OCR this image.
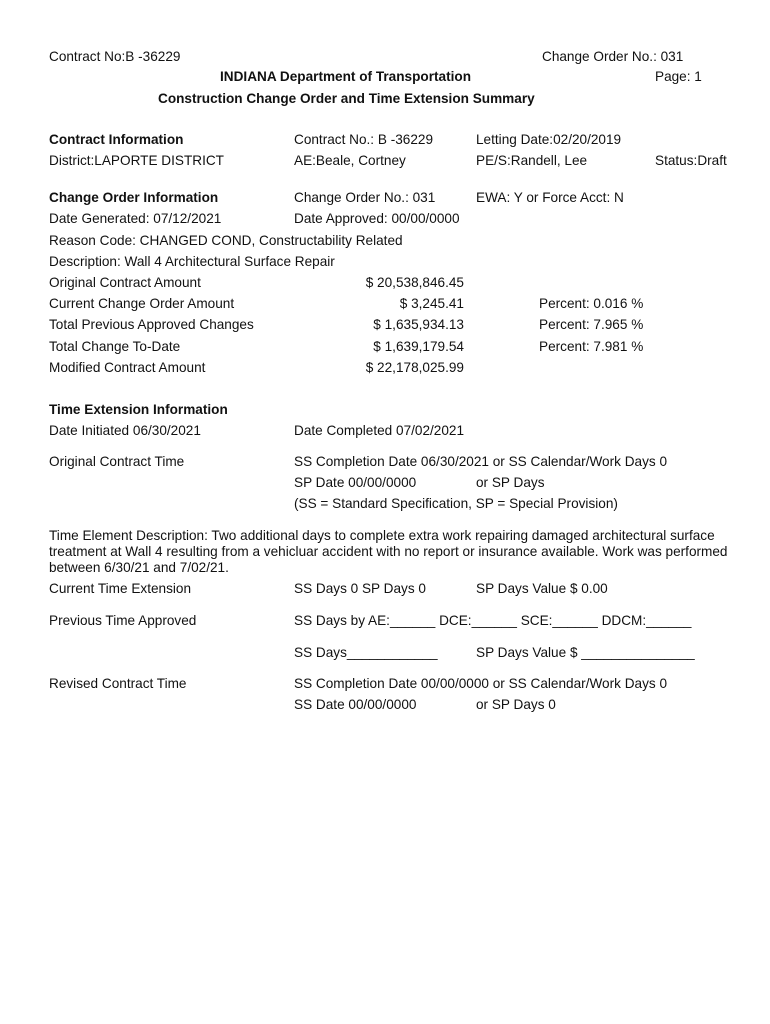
Contract No:B -36229	Change Order No.: 031
INDIANA Department of Transportation	Page: 1
Construction Change Order and Time Extension Summary
Contract Information	Contract No.: B -36229	Letting Date:02/20/2019
District:LAPORTE DISTRICT	AE:Beale, Cortney	PE/S:Randell, Lee	Status:Draft
Change Order Information	Change Order No.: 031	EWA: Y or Force Acct: N
Date Generated: 07/12/2021	Date Approved: 00/00/0000
Reason Code: CHANGED COND, Constructability Related
Description: Wall 4 Architectural Surface Repair
Original Contract Amount	$ 20,538,846.45
Current Change Order Amount	$ 3,245.41	Percent: 0.016 %
Total Previous Approved Changes	$ 1,635,934.13	Percent: 7.965 %
Total Change To-Date	$ 1,639,179.54	Percent: 7.981 %
Modified Contract Amount	$ 22,178,025.99
Time Extension Information
Date Initiated 06/30/2021	Date Completed 07/02/2021
Original Contract Time	SS Completion Date 06/30/2021 or SS Calendar/Work Days 0
SP Date 00/00/0000	or SP Days
(SS = Standard Specification, SP = Special Provision)
Time Element Description: Two additional days to complete extra work repairing damaged architectural surface treatment at Wall 4 resulting from a vehicluar accident with no report or insurance available. Work was performed between 6/30/21 and 7/02/21.
Current Time Extension	SS Days 0 SP Days 0	SP Days Value $ 0.00
Previous Time Approved	SS Days by AE:______ DCE:______ SCE:______ DDCM:______
SS Days____________	SP Days Value $ _______________
Revised Contract Time	SS Completion Date 00/00/0000 or SS Calendar/Work Days 0
SS Date 00/00/0000	or SP Days 0
